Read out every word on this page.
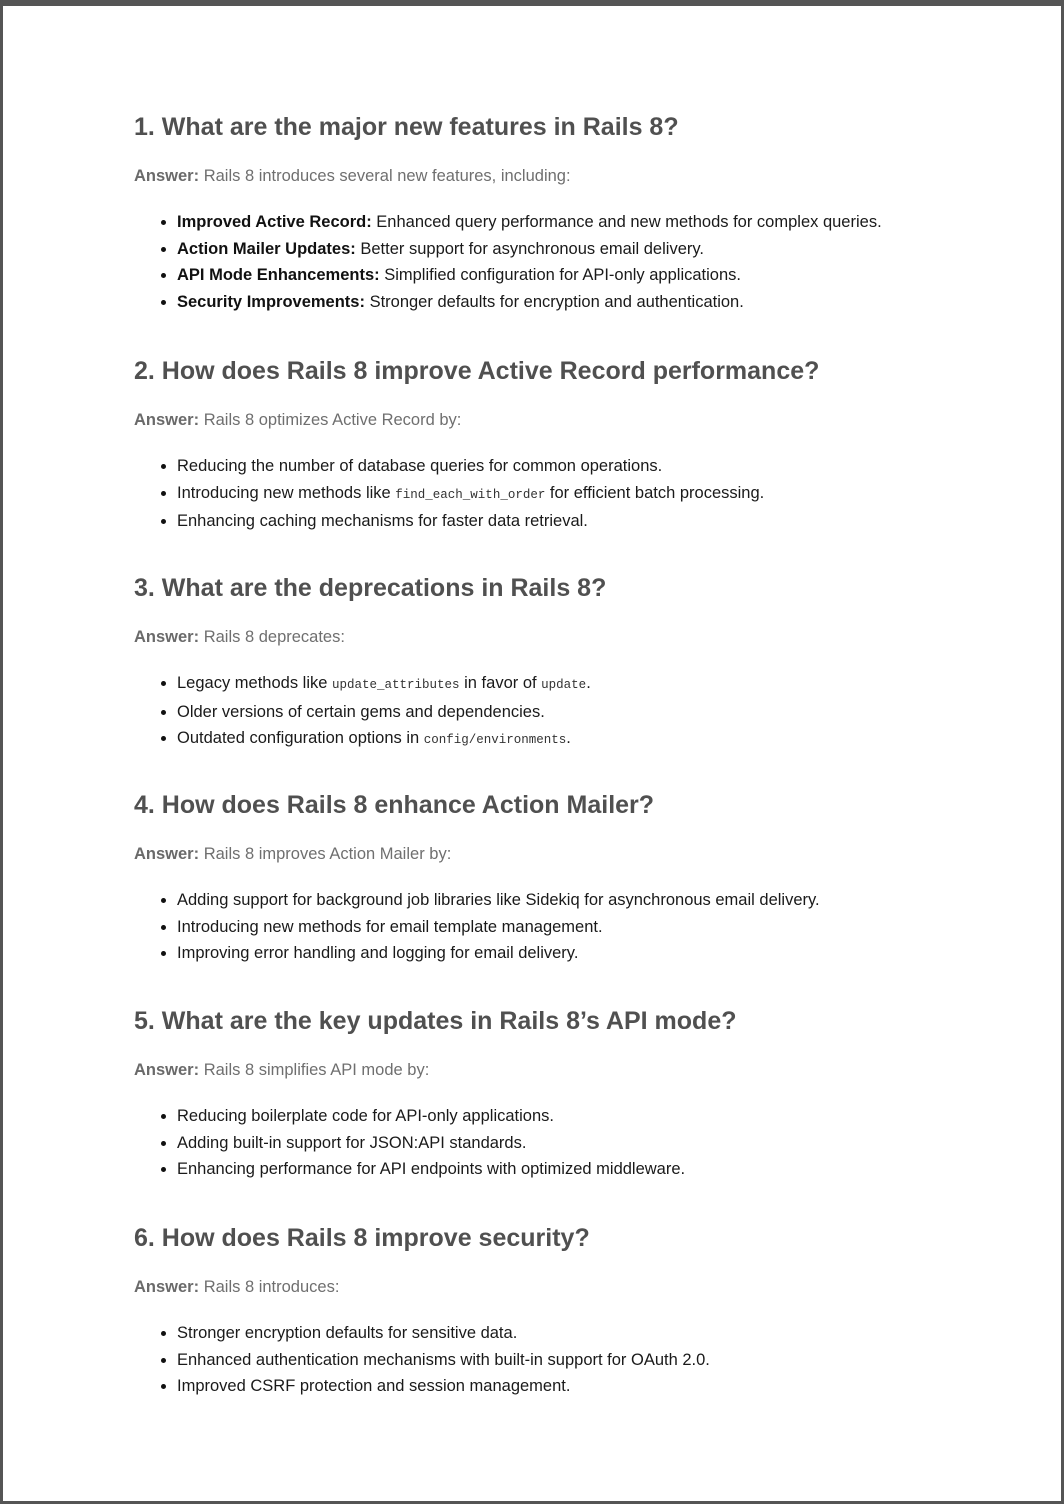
1. What are the major new features in Rails 8?

Answer: Rails 8 introduces several new features, including:

Improved Active Record: Enhanced query performance and new methods for complex queries.
Action Mailer Updates: Better support for asynchronous email delivery.
API Mode Enhancements: Simplified configuration for API-only applications.
Security Improvements: Stronger defaults for encryption and authentication.
2. How does Rails 8 improve Active Record performance?

Answer: Rails 8 optimizes Active Record by:

Reducing the number of database queries for common operations.
Introducing new methods like find_each_with_order for efficient batch processing.
Enhancing caching mechanisms for faster data retrieval.
3. What are the deprecations in Rails 8?

Answer: Rails 8 deprecates:

Legacy methods like update_attributes in favor of update.
Older versions of certain gems and dependencies.
Outdated configuration options in config/environments.
4. How does Rails 8 enhance Action Mailer?

Answer: Rails 8 improves Action Mailer by:

Adding support for background job libraries like Sidekiq for asynchronous email delivery.
Introducing new methods for email template management.
Improving error handling and logging for email delivery.
5. What are the key updates in Rails 8’s API mode?

Answer: Rails 8 simplifies API mode by:

Reducing boilerplate code for API-only applications.
Adding built-in support for JSON:API standards.
Enhancing performance for API endpoints with optimized middleware.
6. How does Rails 8 improve security?

Answer: Rails 8 introduces:

Stronger encryption defaults for sensitive data.
Enhanced authentication mechanisms with built-in support for OAuth 2.0.
Improved CSRF protection and session management.
